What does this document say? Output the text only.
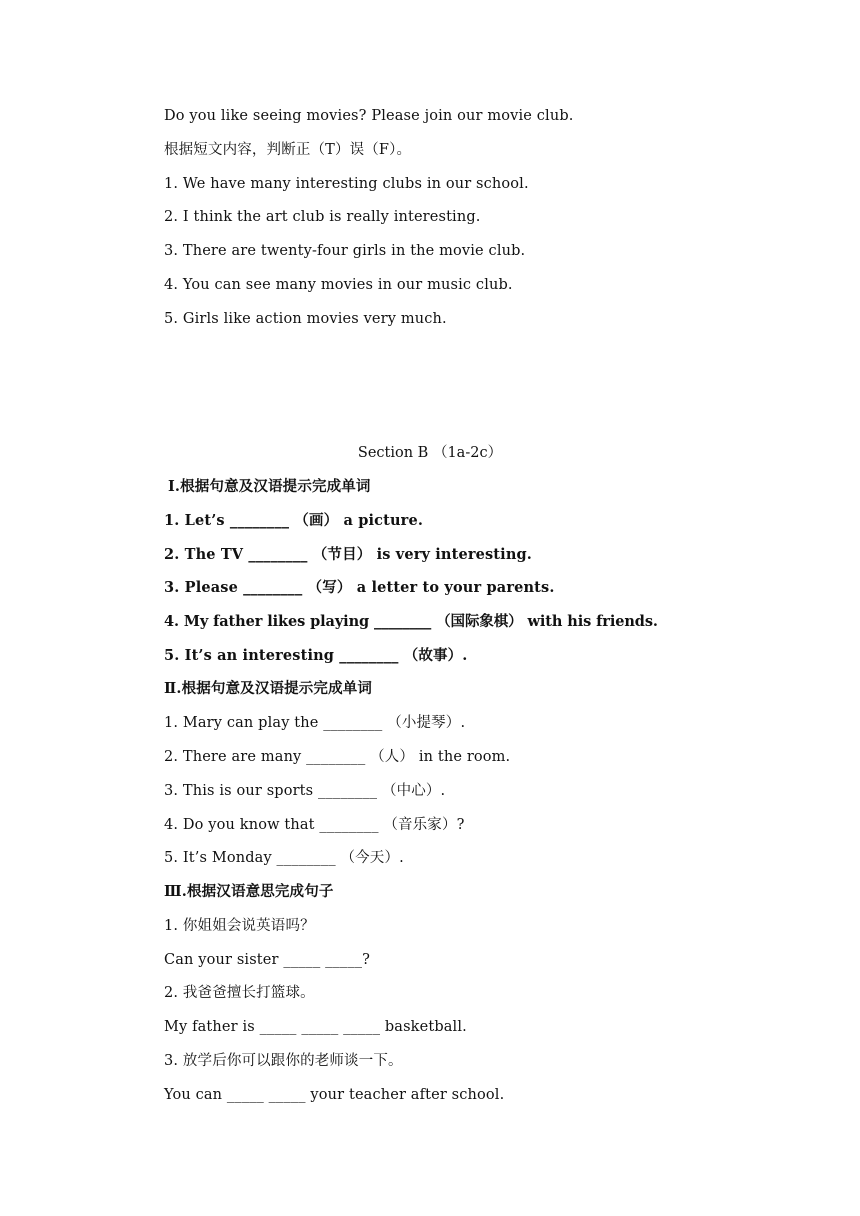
Do you like seeing movies? Please join our movie club.
根据短文内容，判断正（T）误（F）。
1. We have many interesting clubs in our school.
2. I think the art club is really interesting.
3. There are twenty-four girls in the movie club.
4. You can see many movies in our music club.
5. Girls like action movies very much.
Section B （1a-2c）
Ⅰ.根据句意及汉语提示完成单词
1. Let’s ________ （画） a picture.
2. The TV ________ （节目） is very interesting.
3. Please ________ （写） a letter to your parents.
4. My father likes playing ________ （国际象棋） with his friends.
5. It’s an interesting ________ （故事）.
Ⅱ.根据句意及汉语提示完成单词
1. Mary can play the ________ （小提琴）.
2. There are many ________ （人） in the room.
3. This is our sports ________ （中心）.
4. Do you know that ________ （音乐家）?
5. It’s Monday ________ （今天）.
Ⅲ.根据汉语意思完成句子
1. 你姐姐会说英语吗？
Can your sister _____ _____?
2. 我爸爸擅长打篮球。
My father is _____ _____ _____ basketball.
3. 放学后你可以跟你的老师谈一下。
You can _____ _____ your teacher after school.
